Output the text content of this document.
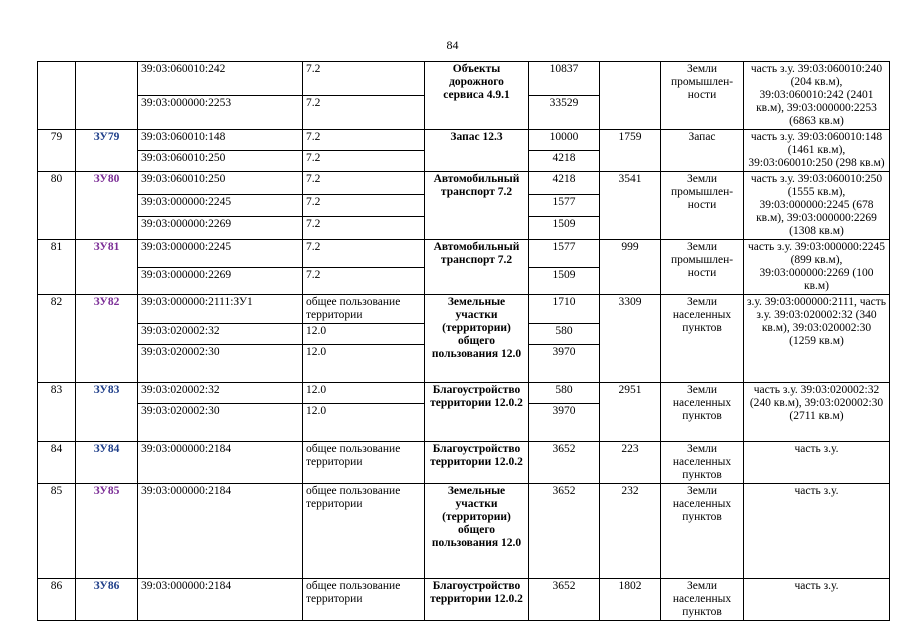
84
		39:03:060010:242	7.2	Объекты дорожного сервиса 4.9.1	10837		Земли промышлен-ности	часть з.у. 39:03:060010:240 (204 кв.м), 39:03:060010:242 (2401 кв.м), 39:03:000000:2253 (6863 кв.м)
		39:03:000000:2253	7.2		33529			
79	ЗУ79	39:03:060010:148	7.2	Запас 12.3	10000	1759	Запас	часть з.у. 39:03:060010:148 (1461 кв.м), 39:03:060010:250 (298 кв.м)
		39:03:060010:250	7.2		4218			
80	ЗУ80	39:03:060010:250	7.2	Автомобильный транспорт 7.2	4218	3541	Земли промышлен-ности	часть з.у. 39:03:060010:250 (1555 кв.м), 39:03:000000:2245 (678 кв.м), 39:03:000000:2269 (1308 кв.м)
		39:03:000000:2245	7.2		1577			
		39:03:000000:2269	7.2		1509			
81	ЗУ81	39:03:000000:2245	7.2	Автомобильный транспорт 7.2	1577	999	Земли промышлен-ности	часть з.у. 39:03:000000:2245 (899 кв.м), 39:03:000000:2269 (100 кв.м)
		39:03:000000:2269	7.2		1509			
82	ЗУ82	39:03:000000:2111:ЗУ1	общее пользование территории	Земельные участки (территории) общего пользования 12.0	1710	3309	Земли населенных пунктов	з.у. 39:03:000000:2111, часть з.у. 39:03:020002:32 (340 кв.м), 39:03:020002:30 (1259 кв.м)
		39:03:020002:32	12.0		580			
		39:03:020002:30	12.0		3970			
83	ЗУ83	39:03:020002:32	12.0	Благоустройство территории 12.0.2	580	2951	Земли населенных пунктов	часть з.у. 39:03:020002:32 (240 кв.м), 39:03:020002:30 (2711 кв.м)
		39:03:020002:30	12.0		3970			
84	ЗУ84	39:03:000000:2184	общее пользование территории	Благоустройство территории 12.0.2	3652	223	Земли населенных пунктов	часть з.у.
85	ЗУ85	39:03:000000:2184	общее пользование территории	Земельные участки (территории) общего пользования 12.0	3652	232	Земли населенных пунктов	часть з.у.
86	ЗУ86	39:03:000000:2184	общее пользование территории	Благоустройство территории 12.0.2	3652	1802	Земли населенных пунктов	часть з.у.
